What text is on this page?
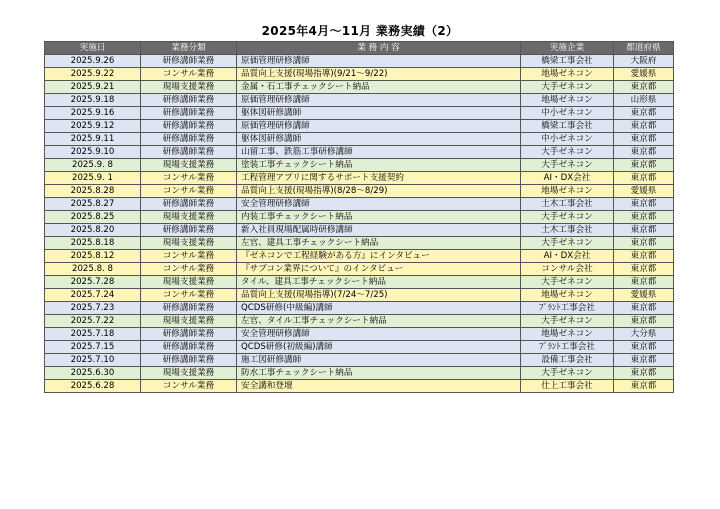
2025年4月～11月 業務実績（2）
実施日	業務分類	業 務 内 容	実施企業	都道府県
2025.9.26	研修講師業務	原価管理研修講師	橋梁工事会社	大阪府
2025.9.22	コンサル業務	品質向上支援(現場指導)(9/21～9/22)	地場ゼネコン	愛媛県
2025.9.21	現場支援業務	金属・石工事チェックシート納品	大手ゼネコン	東京都
2025.9.18	研修講師業務	原価管理研修講師	地場ゼネコン	山形県
2025.9.16	研修講師業務	躯体図研修講師	中小ゼネコン	東京都
2025.9.12	研修講師業務	原価管理研修講師	橋梁工事会社	東京都
2025.9.11	研修講師業務	躯体図研修講師	中小ゼネコン	東京都
2025.9.10	研修講師業務	山留工事、鉄筋工事研修講師	大手ゼネコン	東京都
2025.9. 8	現場支援業務	塗装工事チェックシート納品	大手ゼネコン	東京都
2025.9. 1	コンサル業務	工程管理アプリに関するサポート支援契約	AI・DX会社	東京都
2025.8.28	コンサル業務	品質向上支援(現場指導)(8/28～8/29)	地場ゼネコン	愛媛県
2025.8.27	研修講師業務	安全管理研修講師	土木工事会社	東京都
2025.8.25	現場支援業務	内装工事チェックシート納品	大手ゼネコン	東京都
2025.8.20	研修講師業務	新入社員現場配属時研修講師	土木工事会社	東京都
2025.8.18	現場支援業務	左官、建具工事チェックシート納品	大手ゼネコン	東京都
2025.8.12	コンサル業務	『ゼネコンで工程経験がある方』にインタビュー	AI・DX会社	東京都
2025.8. 8	コンサル業務	『サブコン業界について』のインタビュー	コンサル会社	東京都
2025.7.28	現場支援業務	タイル、建具工事チェックシート納品	大手ゼネコン	東京都
2025.7.24	コンサル業務	品質向上支援(現場指導)(7/24～7/25)	地場ゼネコン	愛媛県
2025.7.23	研修講師業務	QCDS研修(中級編)講師	ﾌﾟﾗﾝﾄ工事会社	東京都
2025.7.22	現場支援業務	左官、タイル工事チェックシート納品	大手ゼネコン	東京都
2025.7.18	研修講師業務	安全管理研修講師	地場ゼネコン	大分県
2025.7.15	研修講師業務	QCDS研修(初級編)講師	ﾌﾟﾗﾝﾄ工事会社	東京都
2025.7.10	研修講師業務	施工図研修講師	設備工事会社	東京都
2025.6.30	現場支援業務	防水工事チェックシート納品	大手ゼネコン	東京都
2025.6.28	コンサル業務	安全講和登壇	仕上工事会社	東京都
